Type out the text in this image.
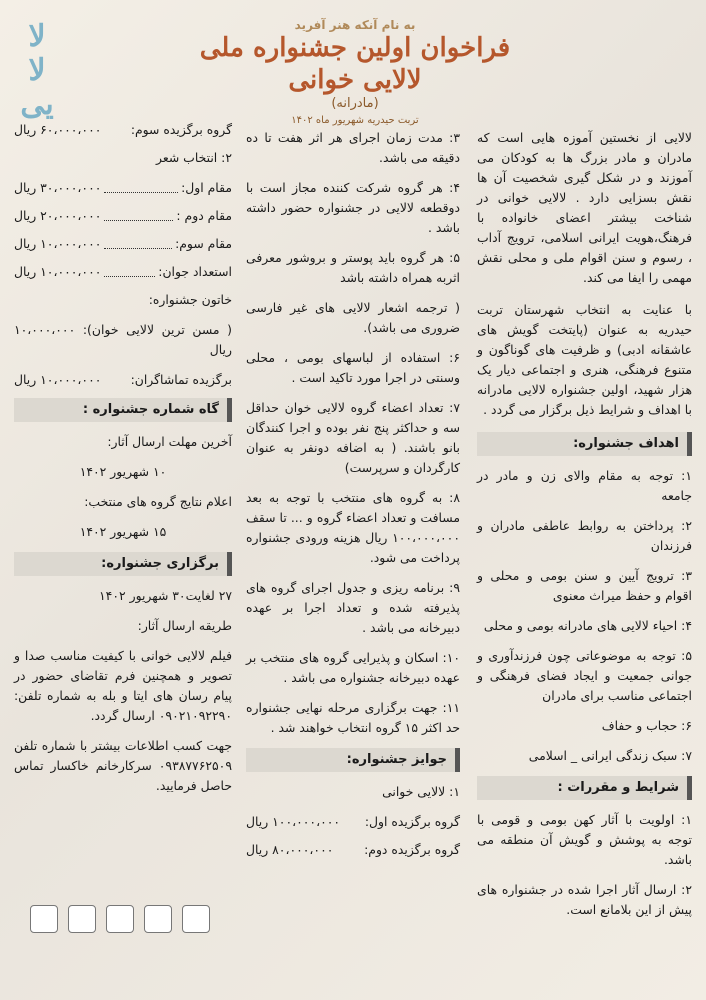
لا
لا
یی
به نام آنکه هنر آفرید
فراخوان اولین جشنواره ملی لالایی خوانی
(مادرانه)
تربت حیدریه شهریور ماه ۱۴۰۲

لالایی از نخستین آموزه هایی است که مادران و مادر بزرگ ها به کودکان می آموزند و در شکل گیری شخصیت آن ها نقش بسزایی دارد . لالایی خوانی در شناخت بیشتر اعضای خانواده با فرهنگ،هویت ایرانی اسلامی، ترویج آداب ، رسوم و سنن اقوام ملی و محلی نقش مهمی را ایفا می کند.

با عنایت به انتخاب شهرستان تربت حیدریه به عنوان (پایتخت گویش های عاشقانه ادبی) و ظرفیت های گوناگون و متنوع فرهنگی، هنری و اجتماعی دیار یک هزار شهید، اولین جشنواره لالایی مادرانه با اهداف و شرایط ذیل برگزار می گردد .

اهداف جشنواره:
۱: توجه به مقام والای زن و مادر در جامعه
۲: پرداختن به روابط عاطفی مادران و فرزندان
۳: ترویج آیین و سنن بومی و محلی و اقوام و حفظ میراث معنوی
۴: احیاء لالایی های مادرانه بومی و محلی
۵: توجه به موضوعاتی چون فرزندآوری و جوانی جمعیت و ایجاد فضای فرهنگی و اجتماعی مناسب برای مادران
۶: حجاب و حفاف
۷: سبک زندگی ایرانی _ اسلامی
شرایط و مقررات :
۱: اولویت با آثار کهن بومی و قومی با توجه به پوشش و گویش آن منطقه می باشد.
۲: ارسال آثار اجرا شده در جشنواره های پیش از این بلامانع است.
۳: مدت زمان اجرای هر اثر هفت تا ده دقیقه می باشد.
۴: هر گروه شرکت کننده مجاز است با دوقطعه لالایی در جشنواره حضور داشته باشد .
۵: هر گروه باید پوستر و بروشور معرفی اثربه همراه داشته باشد
( ترجمه اشعار لالایی های غیر فارسی ضروری می باشد).
۶: استفاده از لباسهای بومی ، محلی وسنتی در اجرا مورد تاکید است .
۷: تعداد اعضاء گروه لالایی خوان حداقل سه و حداکثر پنج نفر بوده و اجرا کنندگان بانو باشند. ( به اضافه دونفر به عنوان کارگردان و سرپرست)
۸: به گروه های منتخب با توجه به بعد مسافت و تعداد اعضاء گروه و ... تا سقف ۱۰۰،۰۰۰،۰۰۰ ریال هزینه ورودی جشنواره پرداخت می شود.
۹: برنامه ریزی و جدول اجرای گروه های پذیرفته شده و تعداد اجرا بر عهده دبیرخانه می باشد .
۱۰: اسکان و پذیرایی گروه های منتخب بر عهده دبیرخانه جشنواره می باشد .
۱۱: جهت برگزاری مرحله نهایی جشنواره حد اکثر ۱۵ گروه انتخاب خواهند شد .
جوایز جشنواره:
۱: لالایی خوانی
گروه برگزیده اول:
۱۰۰،۰۰۰،۰۰۰ ریال
گروه برگزیده دوم:
۸۰،۰۰۰،۰۰۰ ریال
گروه برگزیده سوم:
۶۰،۰۰۰،۰۰۰ ریال
۲: انتخاب شعر
مقام اول:
۳۰،۰۰۰،۰۰۰ ریال
مقام دوم :
۲۰،۰۰۰،۰۰۰ ریال
مقام سوم:
۱۰،۰۰۰،۰۰۰ ریال
استعداد جوان:
۱۰،۰۰۰،۰۰۰ ریال
خاتون جشنواره:
( مسن ترین لالایی خوان): ۱۰،۰۰۰،۰۰۰ ریال
برگزیده تماشاگران:
۱۰،۰۰۰،۰۰۰ ریال
گاه شماره جشنواره :
آخرین مهلت ارسال آثار:
۱۰ شهریور ۱۴۰۲
اعلام نتایج گروه های منتخب:
۱۵ شهریور ۱۴۰۲
برگزاری جشنواره:
۲۷ لغایت۳۰ شهریور ۱۴۰۲
طریقه ارسال آثار:
فیلم لالایی خوانی با کیفیت مناسب صدا و تصویر و همچنین فرم تقاضای حضور در پیام رسان های ایتا و بله به شماره تلفن: ۰۹۰۲۱۰۹۲۲۹۰ ارسال گردد.
جهت کسب اطلاعات بیشتر با شماره تلفن ۰۹۳۸۷۷۶۲۵۰۹ سرکارخانم خاکسار تماس حاصل فرمایید.
